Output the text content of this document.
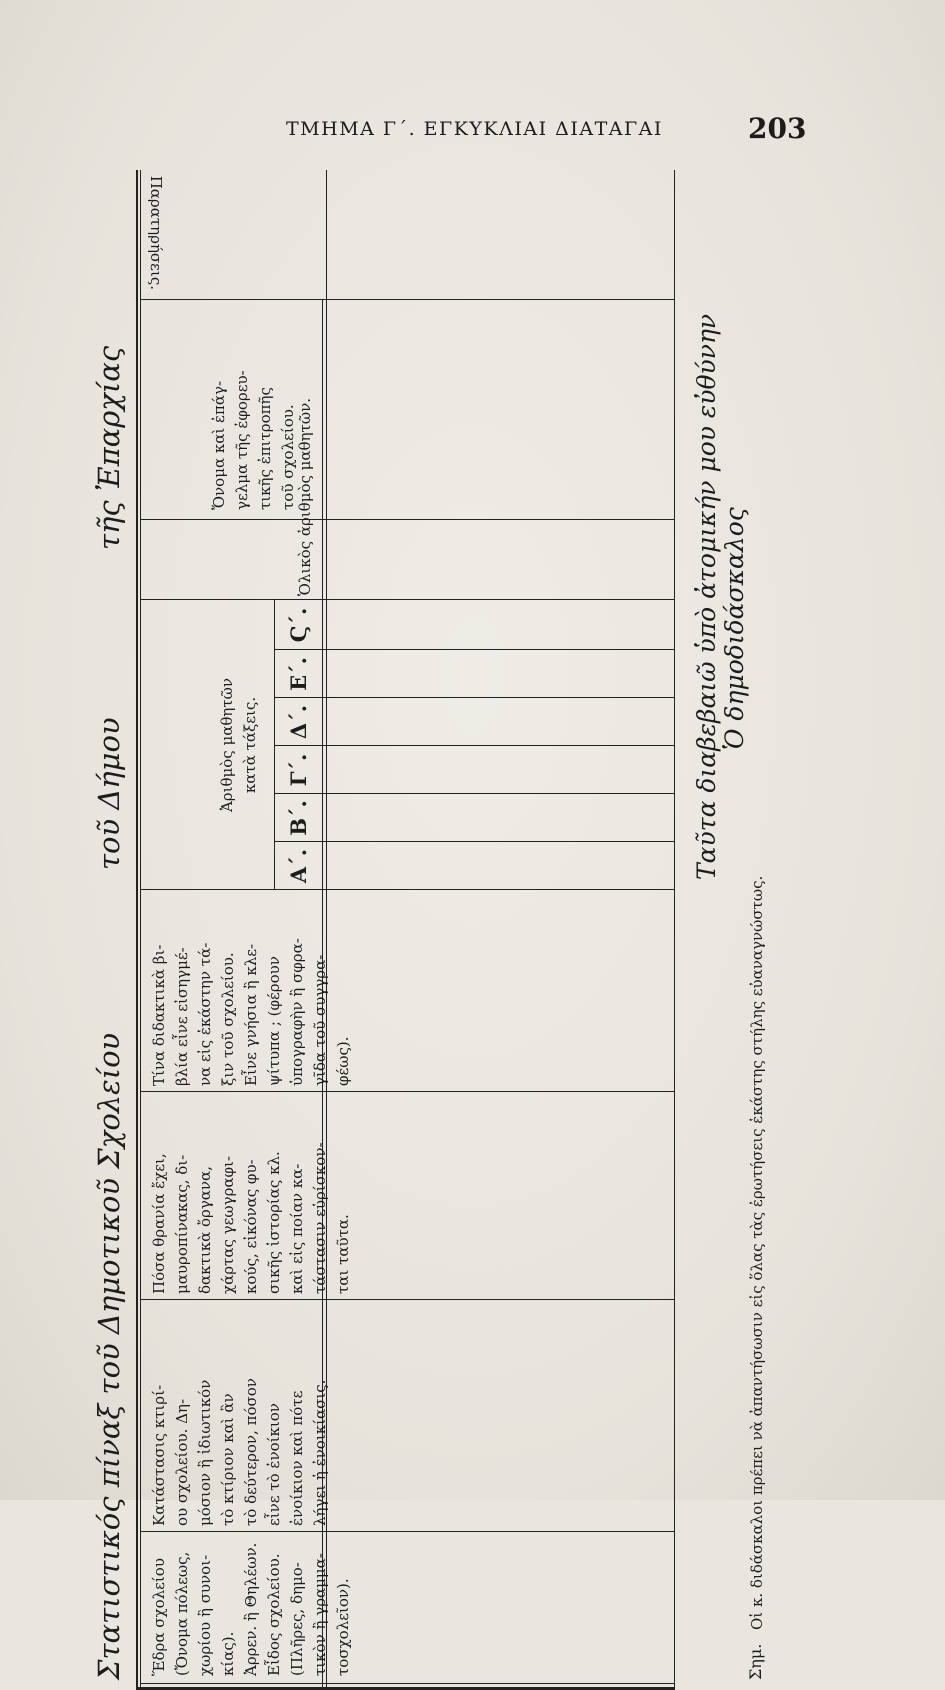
ΤΜΗΜΑ Γ΄. ΕΓΚΥΚΛΙΑΙ ΔΙΑΤΑΓΑΙ	203
Στατιστικός πίναξ τοῦ Δημοτικοῦ Σχολείου
τοῦ Δήμου
τῆς Ἐπαρχίας
Ἕδρα σχολείου (Ὄνομα πόλεως, χωρίου ἢ συνοι- κίας). Ἀρρεν. ἢ Θηλέων. Εἶδος σχολείου. (Πλῆρες, δημο- τικὸν ἢ γραμμα- τοσχολεῖον).
Κατάστασις κτιρί- ου σχολείου. Δη- μόσιον ἢ ἰδιωτικόν τὸ κτίριον καὶ ἂν τὸ δεύτερον, πόσον εἶνε τὸ ἐνοίκιον ἐνοίκιον καὶ πότε λήγει ἡ ἐνοικίασις.
Πόσα θρανία ἔχει, μαυροπίνακας, δι- δακτικὰ ὄργανα, χάρτας γεωγραφι- κούς, εἰκόνας φυ- σικῆς ἱστορίας κλ. καὶ εἰς ποίαν κα- τάστασιν εὑρίσκον- ται ταῦτα.
Τίνα διδακτικὰ βι- βλία εἶνε εἰσηγμέ- να εἰς ἑκάστην τά- ξιν τοῦ σχολείου. Εἶνε γνήσια ἢ κλε- ψίτυπα ; (φέρουν ὑπογραφὴν ἢ σφρα- γῖδα τοῦ συγγρα- φέως).
Ἀριθμὸς μαθητῶν κατὰ τάξεις.
Α΄.
Β΄.
Γ΄.
Δ΄.
Ε΄.
Ϛ΄.
Ὁλικὸς ἀριθμὸς μαθητῶν.
Ὄνομα καὶ ἐπάγ- γελμα τῆς ἐφορευ- τικῆς ἐπιτροπῆς τοῦ σχολείου.
Παρατηρήσεις.
Ταῦτα διαβεβαιῶ ὑπὸ ἀτομικήν μου εὐθύνην Ὁ δημοδιδάσκαλος
Σημ.
Οἱ κ. διδάσκαλοι πρέπει νὰ ἀπαντήσωσιν εἰς ὅλας τὰς ἐρωτήσεις ἑκάστης στήλης εὐαναγνώστως.
